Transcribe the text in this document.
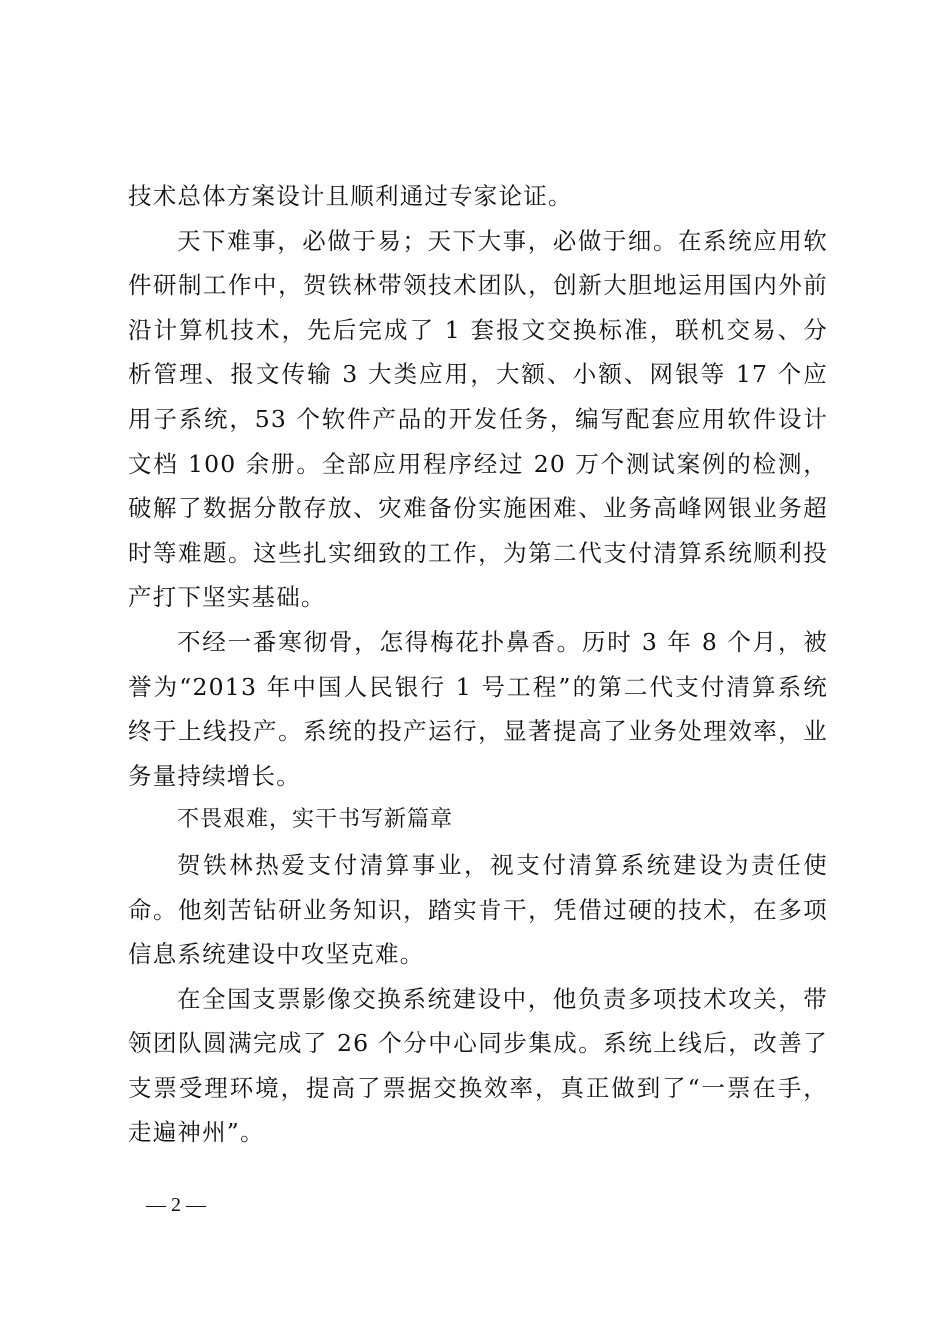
技术总体方案设计且顺利通过专家论证。

天下难事，必做于易；天下大事，必做于细。在系统应用软件研制工作中，贺铁林带领技术团队，创新大胆地运用国内外前沿计算机技术，先后完成了 1 套报文交换标准，联机交易、分析管理、报文传输 3 大类应用，大额、小额、网银等 17 个应用子系统，53 个软件产品的开发任务，编写配套应用软件设计文档 100 余册。全部应用程序经过 20 万个测试案例的检测，破解了数据分散存放、灾难备份实施困难、业务高峰网银业务超时等难题。这些扎实细致的工作，为第二代支付清算系统顺利投产打下坚实基础。

不经一番寒彻骨，怎得梅花扑鼻香。历时 3 年 8 个月，被誉为“2013 年中国人民银行 1 号工程”的第二代支付清算系统终于上线投产。系统的投产运行，显著提高了业务处理效率，业务量持续增长。

不畏艰难，实干书写新篇章

贺铁林热爱支付清算事业，视支付清算系统建设为责任使命。他刻苦钻研业务知识，踏实肯干，凭借过硬的技术，在多项信息系统建设中攻坚克难。

在全国支票影像交换系统建设中，他负责多项技术攻关，带领团队圆满完成了 26 个分中心同步集成。系统上线后，改善了支票受理环境，提高了票据交换效率，真正做到了“一票在手，走遍神州”。

— 2 —
